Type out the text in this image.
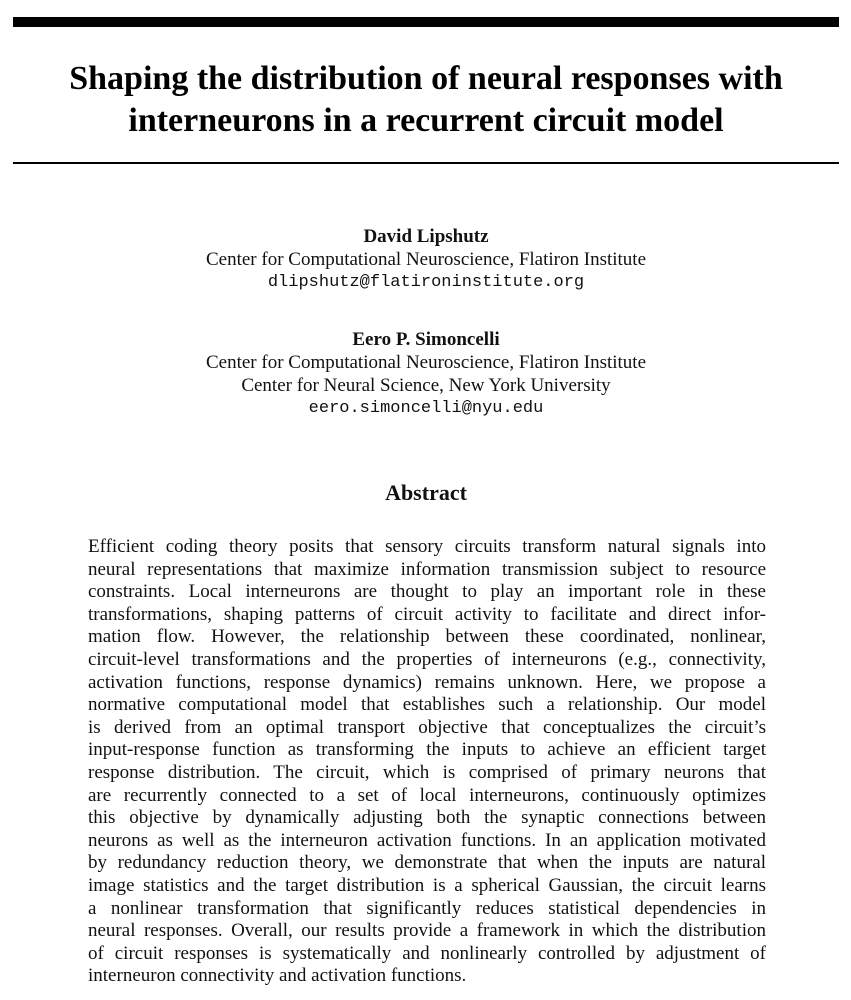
Shaping the distribution of neural responses with
interneurons in a recurrent circuit model
David Lipshutz
Center for Computational Neuroscience, Flatiron Institute
dlipshutz@flatironinstitute.org
Eero P. Simoncelli
Center for Computational Neuroscience, Flatiron Institute
Center for Neural Science, New York University
eero.simoncelli@nyu.edu
Abstract
Efficient coding theory posits that sensory circuits transform natural signals into
neural representations that maximize information transmission subject to resource
constraints. Local interneurons are thought to play an important role in these
transformations, shaping patterns of circuit activity to facilitate and direct infor-
mation flow. However, the relationship between these coordinated, nonlinear,
circuit-level transformations and the properties of interneurons (e.g., connectivity,
activation functions, response dynamics) remains unknown. Here, we propose a
normative computational model that establishes such a relationship. Our model
is derived from an optimal transport objective that conceptualizes the circuit’s
input-response function as transforming the inputs to achieve an efficient target
response distribution. The circuit, which is comprised of primary neurons that
are recurrently connected to a set of local interneurons, continuously optimizes
this objective by dynamically adjusting both the synaptic connections between
neurons as well as the interneuron activation functions. In an application motivated
by redundancy reduction theory, we demonstrate that when the inputs are natural
image statistics and the target distribution is a spherical Gaussian, the circuit learns
a nonlinear transformation that significantly reduces statistical dependencies in
neural responses. Overall, our results provide a framework in which the distribution
of circuit responses is systematically and nonlinearly controlled by adjustment of
interneuron connectivity and activation functions.
